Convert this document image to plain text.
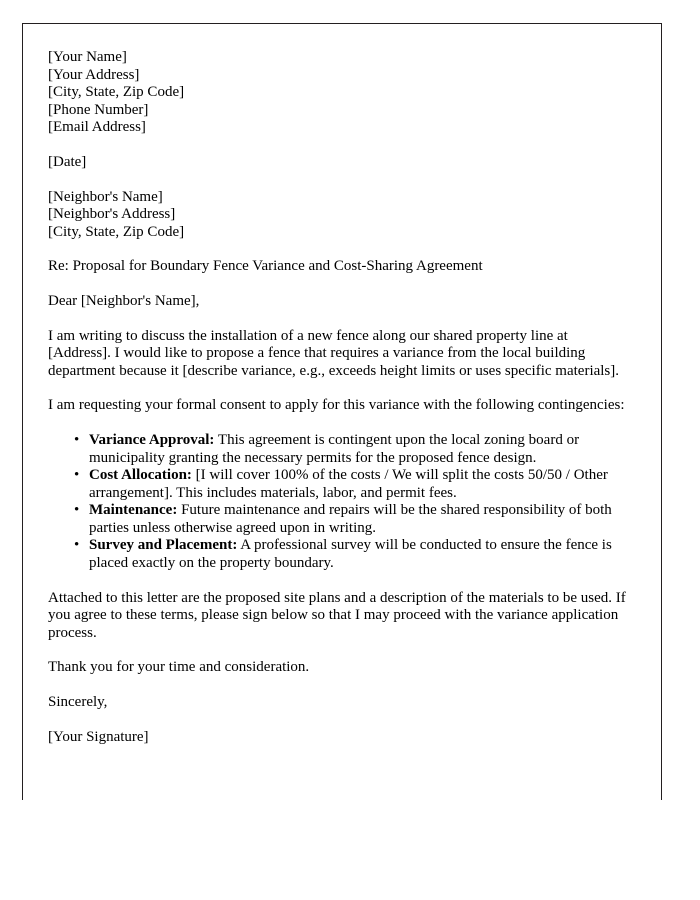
[Your Name]
[Your Address]
[City, State, Zip Code]
[Phone Number]
[Email Address]
[Date]
[Neighbor's Name]
[Neighbor's Address]
[City, State, Zip Code]

Re: Proposal for Boundary Fence Variance and Cost-Sharing Agreement

Dear [Neighbor's Name],

I am writing to discuss the installation of a new fence along our shared property line at [Address]. I would like to propose a fence that requires a variance from the local building department because it [describe variance, e.g., exceeds height limits or uses specific materials].

I am requesting your formal consent to apply for this variance with the following contingencies:

• Variance Approval: This agreement is contingent upon the local zoning board or municipality granting the necessary permits for the proposed fence design.
• Cost Allocation: [I will cover 100% of the costs / We will split the costs 50/50 / Other arrangement]. This includes materials, labor, and permit fees.
• Maintenance: Future maintenance and repairs will be the shared responsibility of both parties unless otherwise agreed upon in writing.
• Survey and Placement: A professional survey will be conducted to ensure the fence is placed exactly on the property boundary.

Attached to this letter are the proposed site plans and a description of the materials to be used. If you agree to these terms, please sign below so that I may proceed with the variance application process.

Thank you for your time and consideration.

Sincerely,

[Your Signature]
